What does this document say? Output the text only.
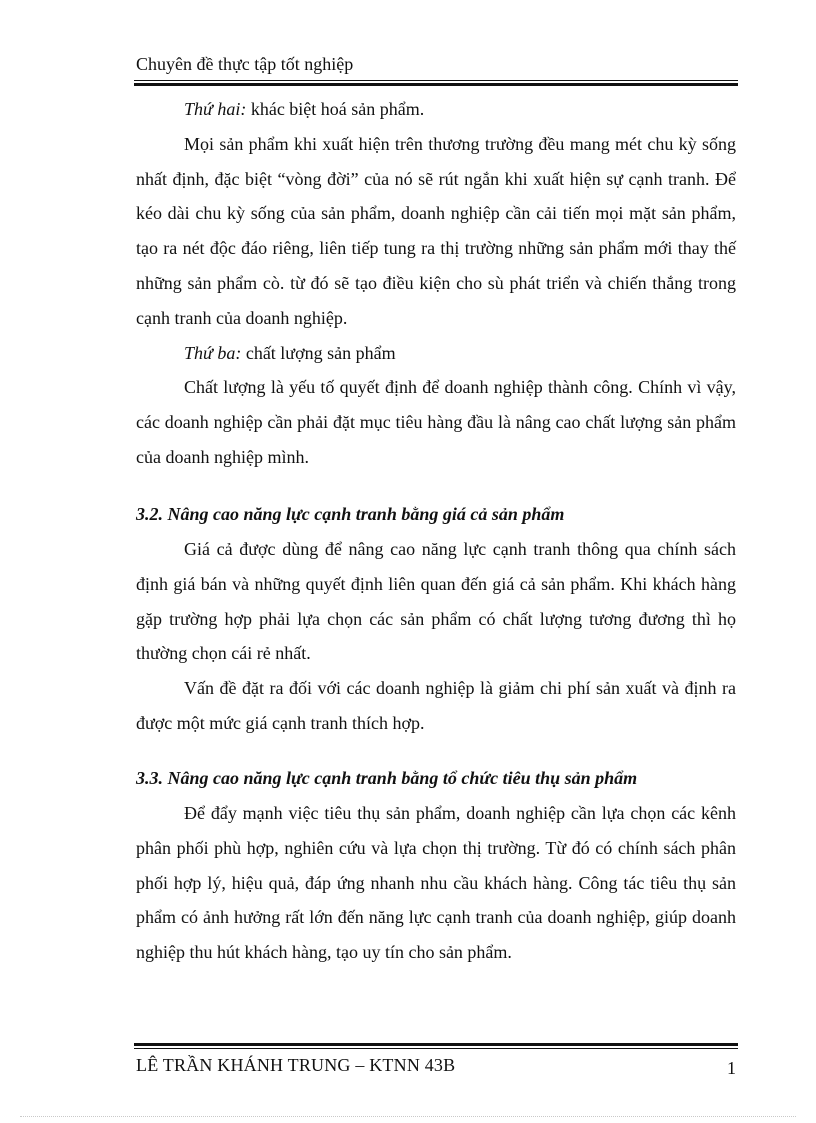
Chuyên đề thực tập tốt nghiệp

Thứ hai: khác biệt hoá sản phẩm.

Mọi sản phẩm khi xuất hiện trên thương trường đều mang mét chu kỳ sống nhất định, đặc biệt “vòng đời” của nó sẽ rút ngắn khi xuất hiện sự cạnh tranh. Để kéo dài chu kỳ sống của sản phẩm, doanh nghiệp cần cải tiến mọi mặt sản phẩm, tạo ra nét độc đáo riêng, liên tiếp tung ra thị trường những sản phẩm mới thay thế những sản phẩm cò. từ đó sẽ tạo điều kiện cho sù phát triển và chiến thắng trong cạnh tranh của doanh nghiệp.

Thứ ba: chất lượng sản phẩm

Chất lượng là yếu tố quyết định để doanh nghiệp thành công. Chính vì vậy, các doanh nghiệp cần phải đặt mục tiêu hàng đầu là nâng cao chất lượng sản phẩm của doanh nghiệp mình.

3.2. Nâng cao năng lực cạnh tranh bằng giá cả sản phẩm

Giá cả được dùng để nâng cao năng lực cạnh tranh thông qua chính sách định giá bán và những quyết định liên quan đến giá cả sản phẩm. Khi khách hàng gặp trường hợp phải lựa chọn các sản phẩm có chất lượng tương đương thì họ thường chọn cái rẻ nhất.

Vấn đề đặt ra đối với các doanh nghiệp là giảm chi phí sản xuất và định ra được một mức giá cạnh tranh thích hợp.

3.3. Nâng cao năng lực cạnh tranh bằng tổ chức tiêu thụ sản phẩm

Để đẩy mạnh việc tiêu thụ sản phẩm, doanh nghiệp cần lựa chọn các kênh phân phối phù hợp, nghiên cứu và lựa chọn thị trường. Từ đó có chính sách phân phối hợp lý, hiệu quả, đáp ứng nhanh nhu cầu khách hàng. Công tác tiêu thụ sản phẩm có ảnh hưởng rất lớn đến năng lực cạnh tranh của doanh nghiệp, giúp doanh nghiệp thu hút khách hàng, tạo uy tín cho sản phẩm.

LÊ TRẦN KHÁNH TRUNG – KTNN 43B	1
